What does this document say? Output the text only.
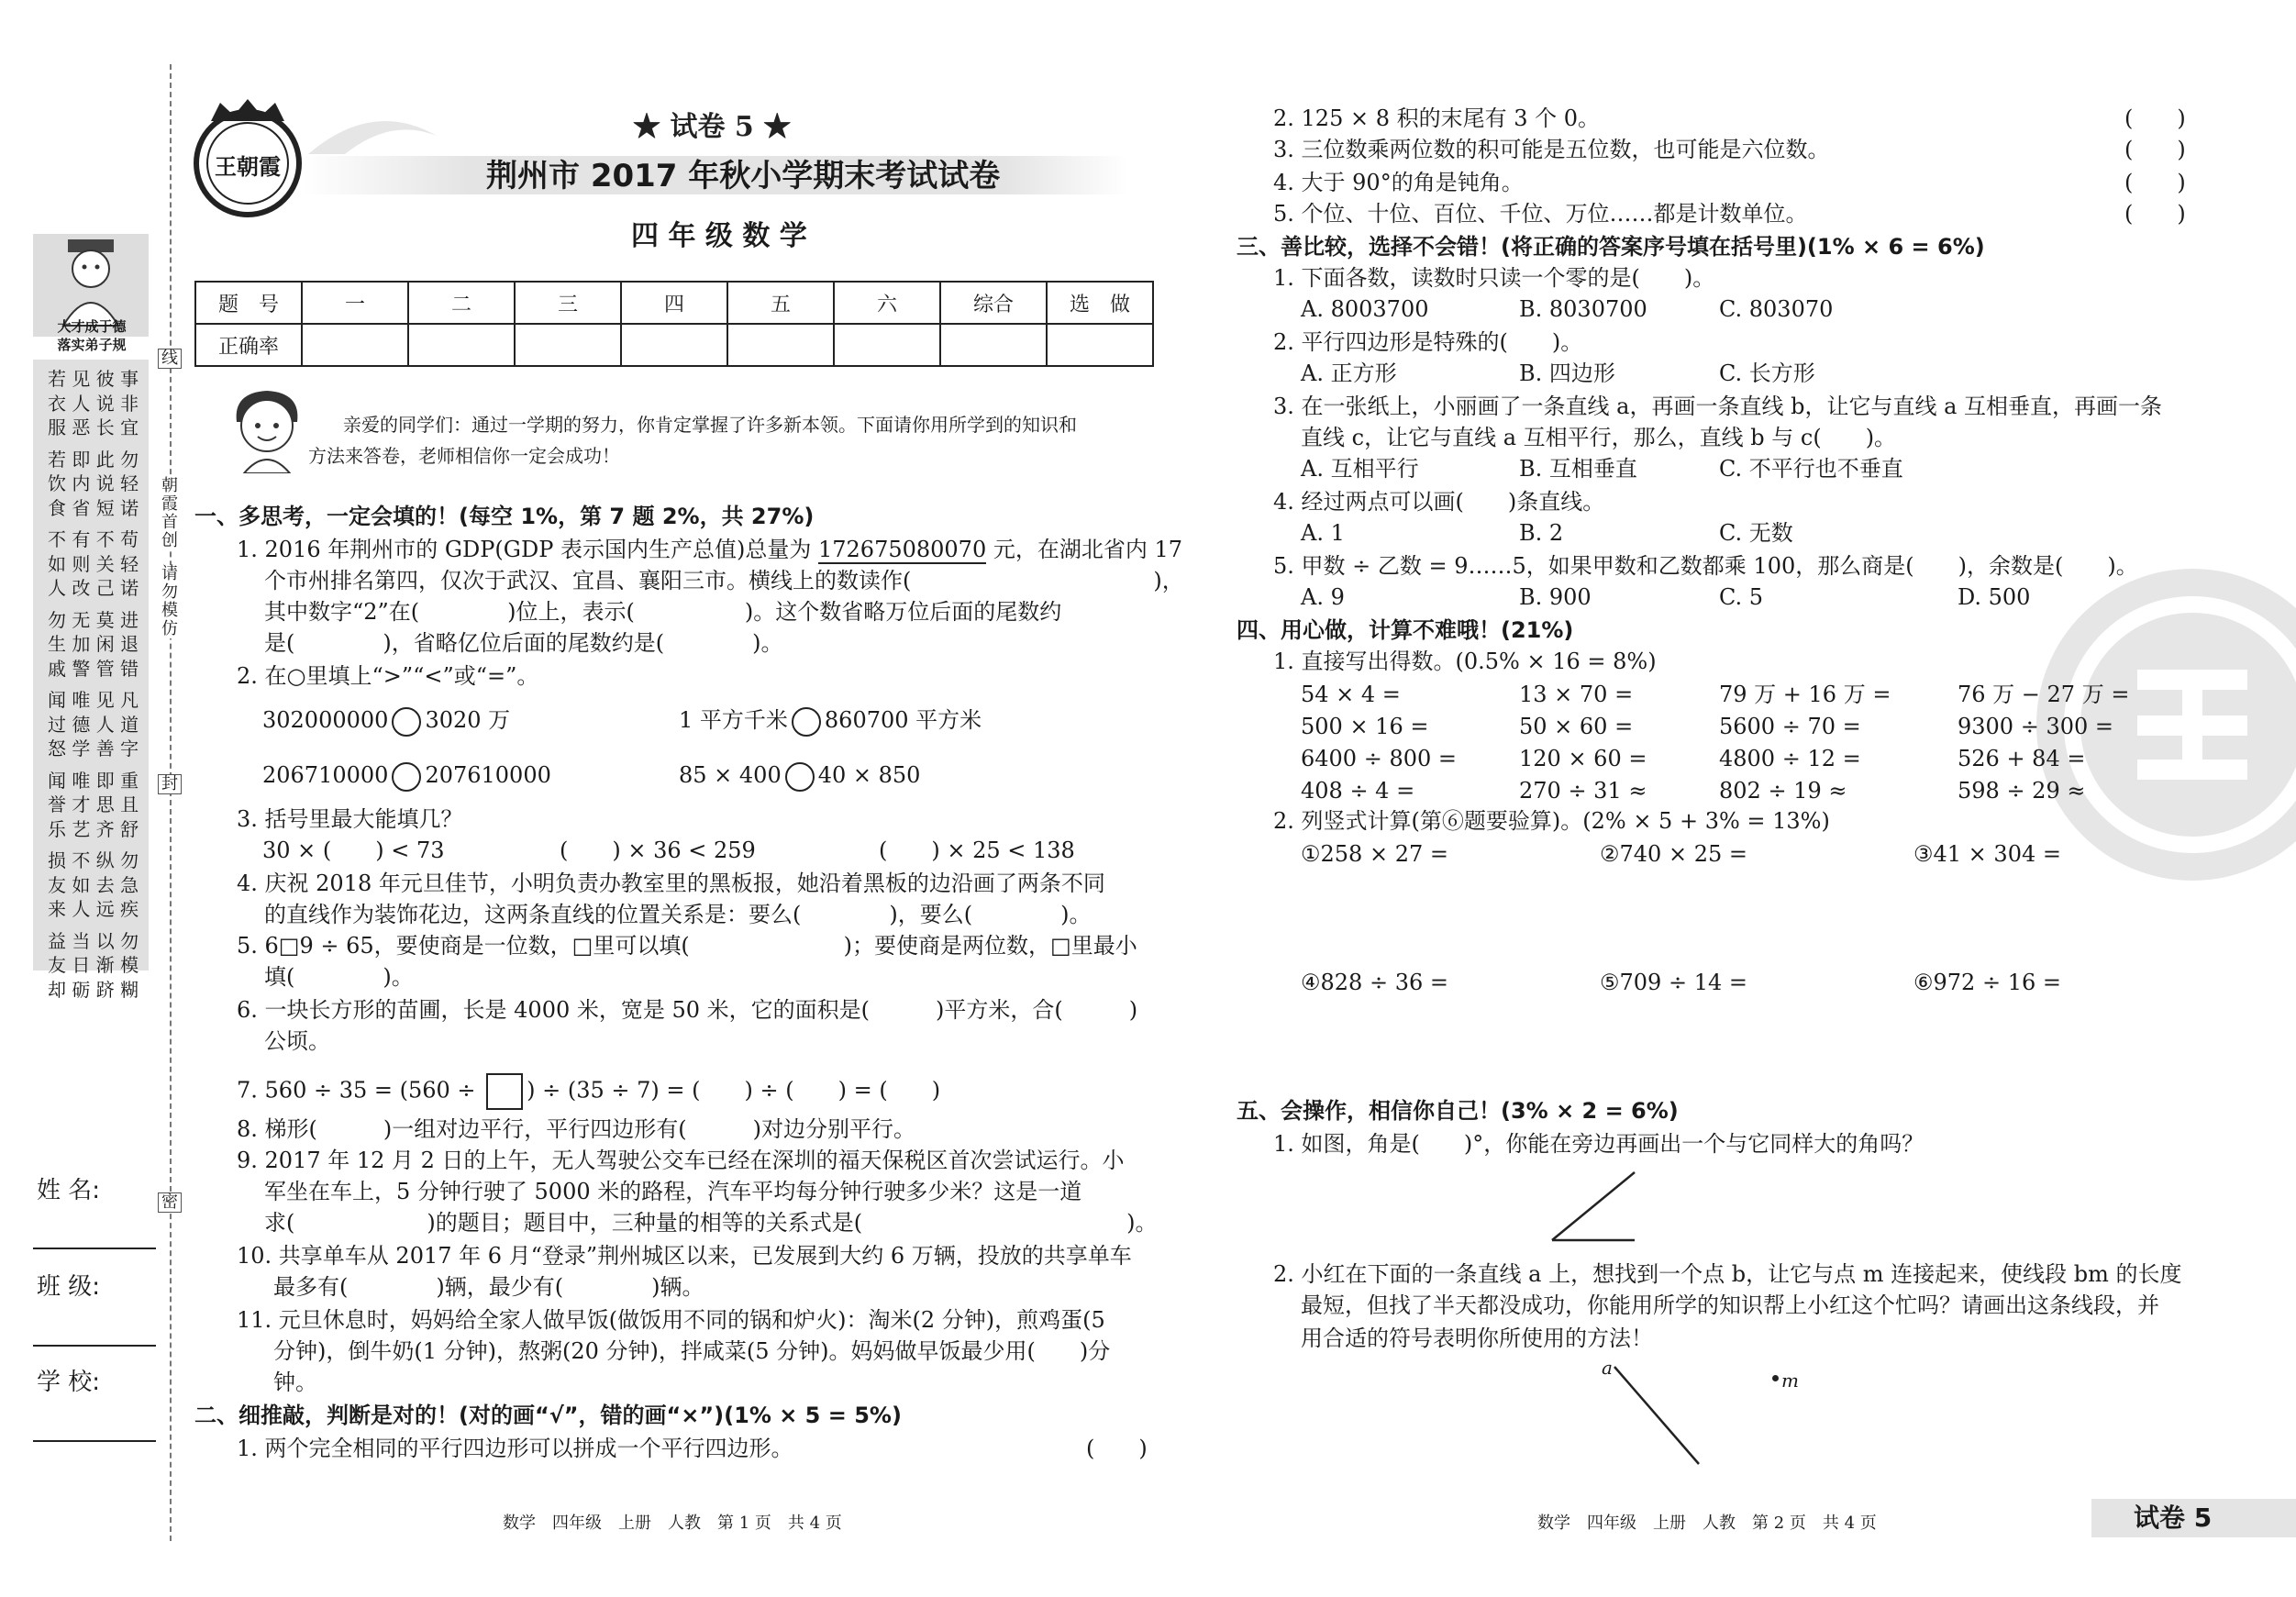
大才成于德
落实弟子规
若 见 彼 事
衣 人 说 非
服 恶 长 宜
若 即 此 勿
饮 内 说 轻
食 省 短 诺
不 有 不 苟
如 则 关 轻
人 改 己 诺
勿 无 莫 进
生 加 闲 退
戚 警 管 错
闻 唯 见 凡
过 德 人 道
怒 学 善 字
闻 唯 即 重
誉 才 思 且
乐 艺 齐 舒
损 不 纵 勿
友 如 去 急
来 人 远 疾
益 当 以 勿
友 日 渐 模
却 砺 跻 糊
线
朝霞首创
请勿模仿
封
密
姓 名:
班 级:
学 校:
王朝霞
★ 试卷 5 ★
荆州市 2017 年秋小学期末考试试卷
四 年 级 数 学
题　号	一	二	三	四	五	六	综合	选　做
正确率								
亲爱的同学们：通过一学期的努力，你肯定掌握了许多新本领。下面请你用所学到的知识和
方法来答卷，老师相信你一定会成功！
一、多思考，一定会填的！(每空 1%，第 7 题 2%，共 27%)
1. 2016 年荆州市的 GDP(GDP 表示国内生产总值)总量为 172675080070 元，在湖北省内 17
个市州排名第四，仅次于武汉、宜昌、襄阳三市。横线上的数读作(　　　　　　　　　　　)，
其中数字“2”在(　　　　)位上，表示(　　　　　)。这个数省略万位后面的尾数约
是(　　　　)，省略亿位后面的尾数约是(　　　　)。
2. 在○里填上“>”“<”或“=”。
302000000 3020 万	1 平方千米 860700 平方米
206710000 207610000	85 × 400 40 × 850
3. 括号里最大能填几？
30 × (　　) < 73	(　　) × 36 < 259	(　　) × 25 < 138
4. 庆祝 2018 年元旦佳节，小明负责办教室里的黑板报，她沿着黑板的边沿画了两条不同
的直线作为装饰花边，这两条直线的位置关系是：要么(　　　　)，要么(　　　　)。
5. 6□9 ÷ 65，要使商是一位数，□里可以填(　　　　　　　)；要使商是两位数，□里最小
填(　　　　)。
6. 一块长方形的苗圃，长是 4000 米，宽是 50 米，它的面积是(　　　)平方米，合(　　　)
公顷。
7. 560 ÷ 35 = (560 ÷ ) ÷ (35 ÷ 7) = (　　) ÷ (　　) = (　　)
8. 梯形(　　　)一组对边平行，平行四边形有(　　　)对边分别平行。
9. 2017 年 12 月 2 日的上午，无人驾驶公交车已经在深圳的福天保税区首次尝试运行。小
军坐在车上，5 分钟行驶了 5000 米的路程，汽车平均每分钟行驶多少米？这是一道
求(　　　　　　)的题目；题目中，三种量的相等的关系式是(　　　　　　　　　　　　)。
10. 共享单车从 2017 年 6 月“登录”荆州城区以来，已发展到大约 6 万辆，投放的共享单车
最多有(　　　　)辆，最少有(　　　　)辆。
11. 元旦休息时，妈妈给全家人做早饭(做饭用不同的锅和炉火)：淘米(2 分钟)，煎鸡蛋(5
分钟)，倒牛奶(1 分钟)，熬粥(20 分钟)，拌咸菜(5 分钟)。妈妈做早饭最少用(　　)分
钟。
二、细推敲，判断是对的！(对的画“√”，错的画“×”)(1% × 5 = 5%)
1. 两个完全相同的平行四边形可以拼成一个平行四边形。	(　　)
数学　四年级　上册　人教　第 1 页　共 4 页
2. 125 × 8 积的末尾有 3 个 0。	(　　)
3. 三位数乘两位数的积可能是五位数，也可能是六位数。	(　　)
4. 大于 90°的角是钝角。	(　　)
5. 个位、十位、百位、千位、万位……都是计数单位。	(　　)
三、善比较，选择不会错！(将正确的答案序号填在括号里)(1% × 6 = 6%)
1. 下面各数，读数时只读一个零的是(　　)。
A. 8003700	B. 8030700	C. 803070
2. 平行四边形是特殊的(　　)。
A. 正方形	B. 四边形	C. 长方形
3. 在一张纸上，小丽画了一条直线 a，再画一条直线 b，让它与直线 a 互相垂直，再画一条
直线 c，让它与直线 a 互相平行，那么，直线 b 与 c(　　)。
A. 互相平行	B. 互相垂直	C. 不平行也不垂直
4. 经过两点可以画(　　)条直线。
A. 1	B. 2	C. 无数
5. 甲数 ÷ 乙数 = 9……5，如果甲数和乙数都乘 100，那么商是(　　)，余数是(　　)。
A. 9	B. 900	C. 5	D. 500
四、用心做，计算不难哦！(21%)
1. 直接写出得数。(0.5% × 16 = 8%)
54 × 4 =	13 × 70 =	79 万 + 16 万 =	76 万 − 27 万 =
500 × 16 =	50 × 60 =	5600 ÷ 70 =	9300 ÷ 300 =
6400 ÷ 800 =	120 × 60 =	4800 ÷ 12 =	526 + 84 =
408 ÷ 4 =	270 ÷ 31 ≈	802 ÷ 19 ≈	598 ÷ 29 ≈
2. 列竖式计算(第⑥题要验算)。(2% × 5 + 3% = 13%)
①258 × 27 =	②740 × 25 =	③41 × 304 =
④828 ÷ 36 =	⑤709 ÷ 14 =	⑥972 ÷ 16 =
五、会操作，相信你自己！(3% × 2 = 6%)
1. 如图，角是(　　)°，你能在旁边再画出一个与它同样大的角吗？
2. 小红在下面的一条直线 a 上，想找到一个点 b，让它与点 m 连接起来，使线段 bm 的长度
最短，但找了半天都没成功，你能用所学的知识帮上小红这个忙吗？请画出这条线段，并
用合适的符号表明你所使用的方法！
a
m
数学　四年级　上册　人教　第 2 页　共 4 页	试卷 5
